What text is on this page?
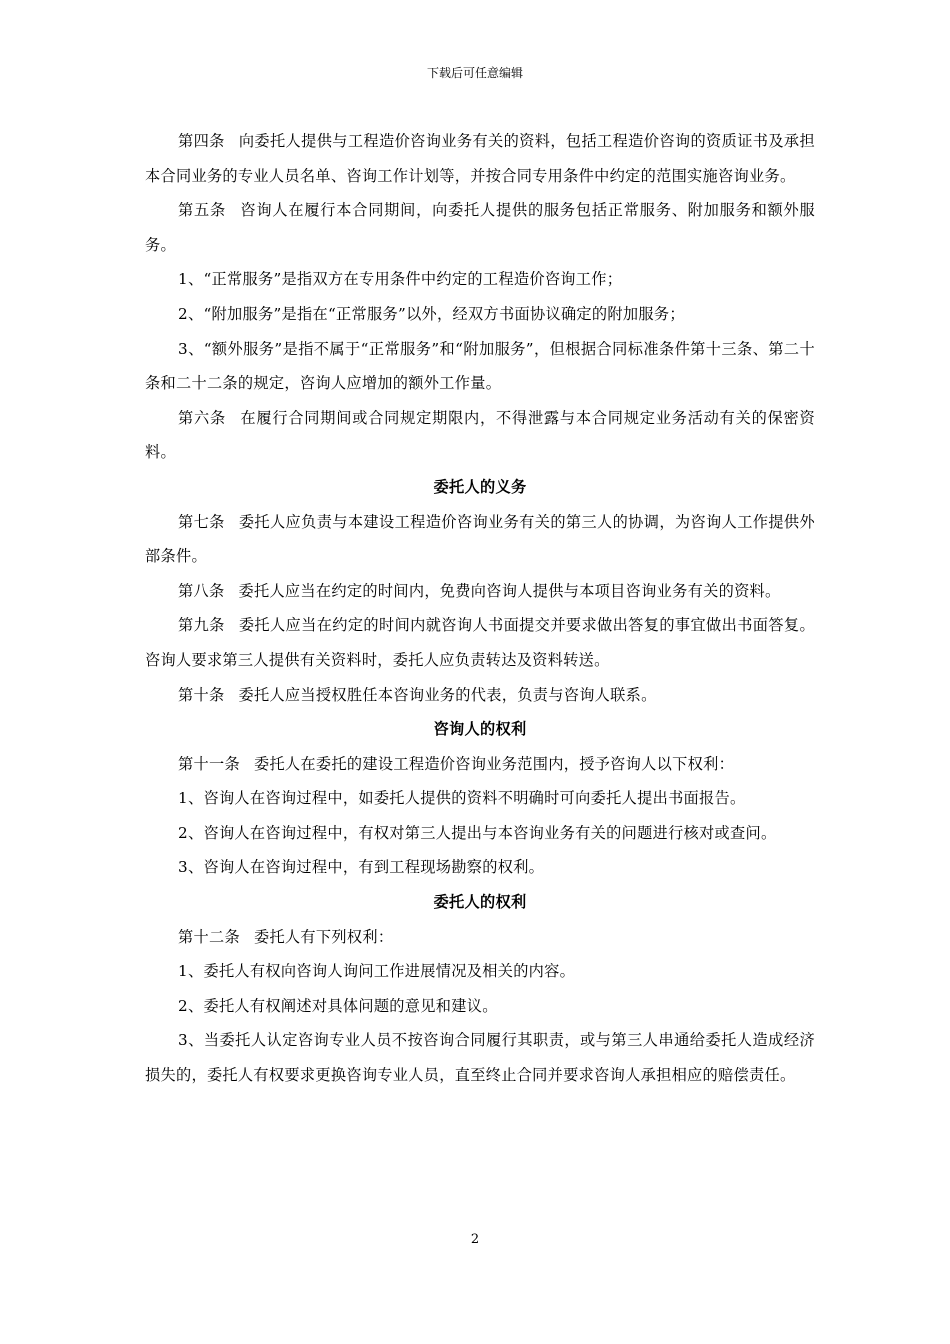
下载后可任意编辑

第四条 向委托人提供与工程造价咨询业务有关的资料，包括工程造价咨询的资质证书及承担本合同业务的专业人员名单、咨询工作计划等，并按合同专用条件中约定的范围实施咨询业务。

第五条 咨询人在履行本合同期间，向委托人提供的服务包括正常服务、附加服务和额外服务。

1、“正常服务”是指双方在专用条件中约定的工程造价咨询工作；

2、“附加服务”是指在“正常服务”以外，经双方书面协议确定的附加服务；

3、“额外服务”是指不属于“正常服务”和“附加服务”，但根据合同标准条件第十三条、第二十条和二十二条的规定，咨询人应增加的额外工作量。

第六条 在履行合同期间或合同规定期限内，不得泄露与本合同规定业务活动有关的保密资料。

委托人的义务

第七条 委托人应负责与本建设工程造价咨询业务有关的第三人的协调，为咨询人工作提供外部条件。

第八条 委托人应当在约定的时间内，免费向咨询人提供与本项目咨询业务有关的资料。

第九条 委托人应当在约定的时间内就咨询人书面提交并要求做出答复的事宜做出书面答复。咨询人要求第三人提供有关资料时，委托人应负责转达及资料转送。

第十条 委托人应当授权胜任本咨询业务的代表，负责与咨询人联系。

咨询人的权利

第十一条 委托人在委托的建设工程造价咨询业务范围内，授予咨询人以下权利：

1、咨询人在咨询过程中，如委托人提供的资料不明确时可向委托人提出书面报告。

2、咨询人在咨询过程中，有权对第三人提出与本咨询业务有关的问题进行核对或查问。

3、咨询人在咨询过程中，有到工程现场勘察的权利。

委托人的权利

第十二条 委托人有下列权利：

1、委托人有权向咨询人询问工作进展情况及相关的内容。

2、委托人有权阐述对具体问题的意见和建议。

3、当委托人认定咨询专业人员不按咨询合同履行其职责，或与第三人串通给委托人造成经济损失的，委托人有权要求更换咨询专业人员，直至终止合同并要求咨询人承担相应的赔偿责任。

2
